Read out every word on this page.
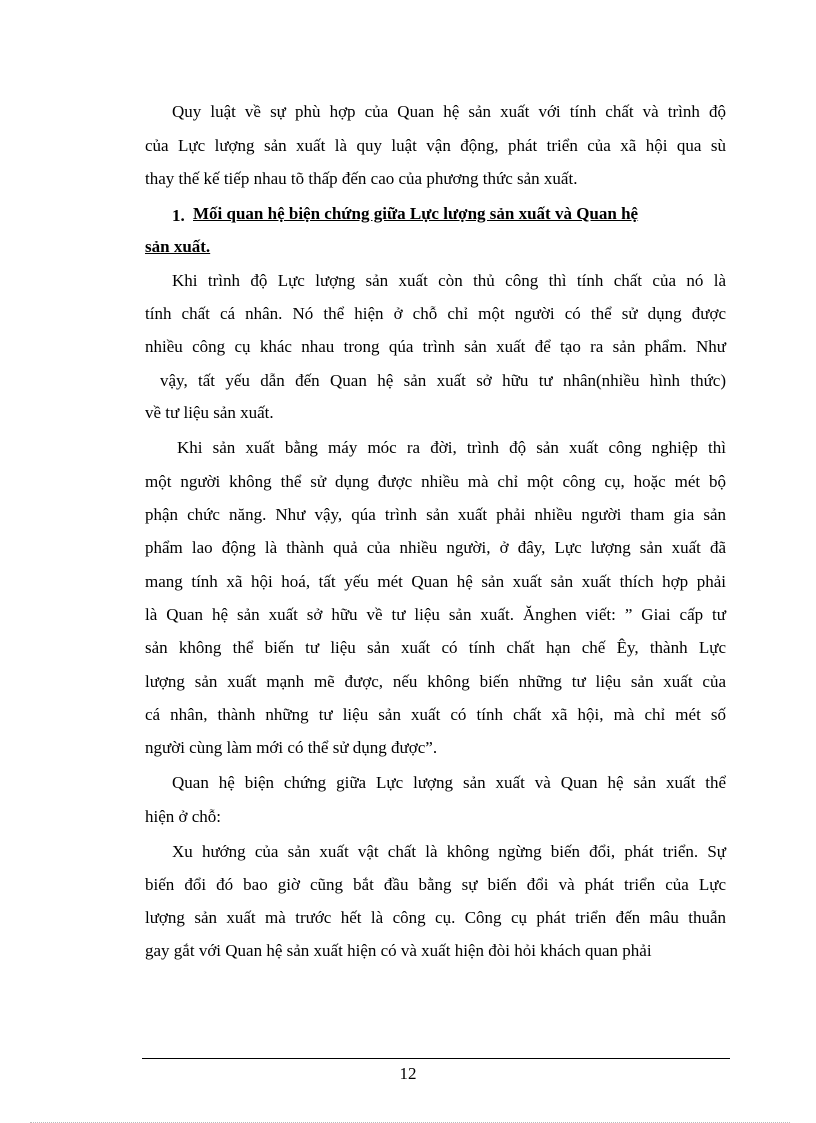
Quy luật về sự phù hợp của Quan hệ sản xuất với tính chất và trình độ
của Lực lượng sản xuất là quy luật vận động, phát triển của xã hội qua sù
thay thế kế tiếp nhau tõ thấp đến cao của phương thức sản xuất.
1. Mối quan hệ biện chứng giữa Lực lượng sản xuất và Quan hệ
sản xuất.
Khi trình độ Lực lượng sản xuất còn thủ công thì tính chất của nó là
tính chất cá nhân. Nó thể hiện ở chỗ chỉ một người có thể sử dụng được
nhiều công cụ khác nhau trong qúa trình sản xuất để tạo ra sản phẩm. Như
vậy, tất yếu dẫn đến Quan hệ sản xuất sở hữu tư nhân(nhiều hình thức)
về tư liệu sản xuất.
Khi sản xuất bằng máy móc ra đời, trình độ sản xuất công nghiệp thì
một người không thể sử dụng được nhiều mà chỉ một công cụ, hoặc mét bộ
phận chức năng. Như vậy, qúa trình sản xuất phải nhiều người tham gia sản
phẩm lao động là thành quả của nhiều người, ở đây, Lực lượng sản xuất đã
mang tính xã hội hoá, tất yếu mét Quan hệ sản xuất sản xuất thích hợp phải
là Quan hệ sản xuất sở hữu về tư liệu sản xuất. Ănghen viết: ” Giai cấp tư
sản không thể biến tư liệu sản xuất có tính chất hạn chế Êy, thành Lực
lượng sản xuất mạnh mẽ được, nếu không biến những tư liệu sản xuất của
cá nhân, thành những tư liệu sản xuất có tính chất xã hội, mà chỉ mét số
người cùng làm mới có thể sử dụng được”.
Quan hệ biện chứng giữa Lực lượng sản xuất và Quan hệ sản xuất thể
hiện ở chỗ:
Xu hướng của sản xuất vật chất là không ngừng biến đổi, phát triển. Sự
biến đổi đó bao giờ cũng bắt đầu bằng sự biến đổi và phát triển của Lực
lượng sản xuất mà trước hết là công cụ. Công cụ phát triển đến mâu thuẫn
gay gắt với Quan hệ sản xuất hiện có và xuất hiện đòi hỏi khách quan phải
12
